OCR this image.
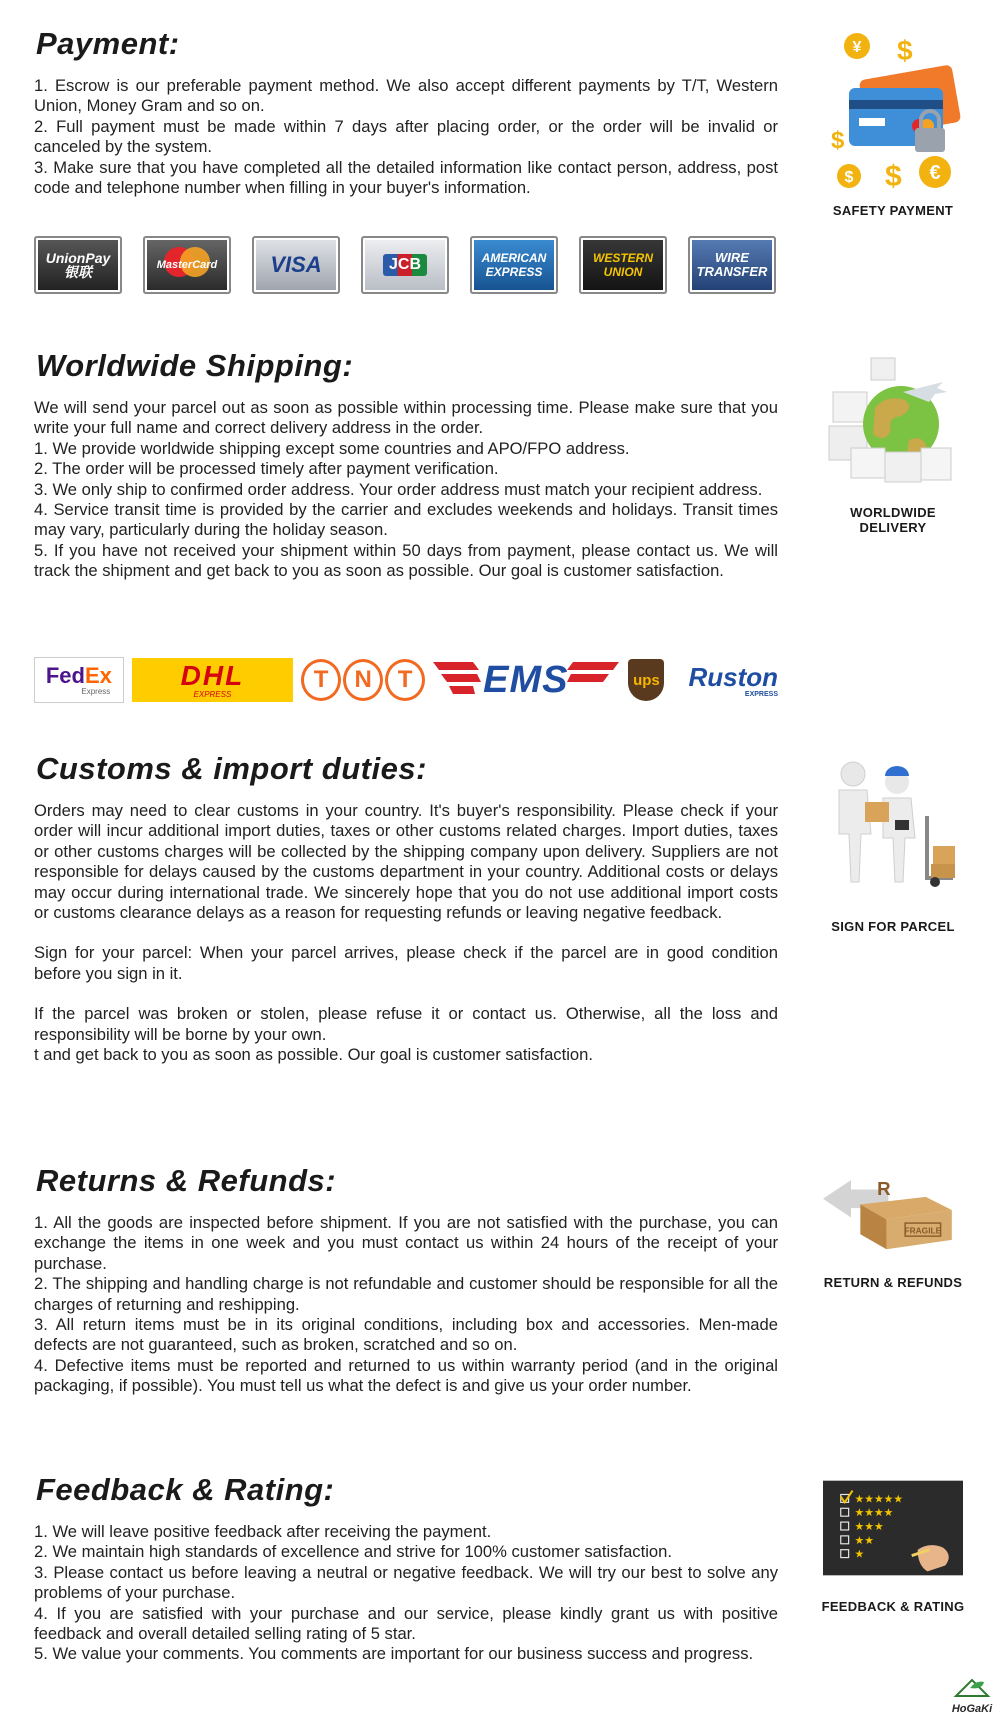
Payment:

1. Escrow is our preferable payment method. We also accept different payments by T/T, Western Union, Money Gram and so on.

2. Full payment must be made within 7 days after placing order, or the order will be invalid or canceled by the system.

3. Make sure that you have completed all the detailed information like contact person, address, post code and telephone number when filling in your buyer's information.

UnionPay
银联	MasterCard VISA	JCB	AMERICAN
EXPRESS
WESTERN
UNION
WIRE
TRANSFER
¥ $
$
$ $ €
SAFETY PAYMENT
Worldwide Shipping:

We will send your parcel out as soon as possible within processing time. Please make sure that you write your full name and correct delivery address in the order.

1. We provide worldwide shipping except some countries and APO/FPO address.

2. The order will be processed timely after payment verification.

3. We only ship to confirmed order address. Your order address must match your recipient address.

4. Service transit time is provided by the carrier and excludes weekends and holidays. Transit times may vary, particularly during the holiday season.

5. If you have not received your shipment within 50 days from payment, please contact us. We will track the shipment and get back to you as soon as possible. Our goal is customer satisfaction.

FedEx
Express
DHL
EXPRESS
T	N	T	EMS	ups Ruston
EXPRESS
WORLDWIDE DELIVERY
Customs & import duties:

Orders may need to clear customs in your country. It's buyer's responsibility. Please check if your order will incur additional import duties, taxes or other customs related charges. Import duties, taxes or other customs charges will be collected by the shipping company upon delivery. Suppliers are not responsible for delays caused by the customs department in your country. Additional costs or delays may occur during international trade. We sincerely hope that you do not use additional import costs or customs clearance delays as a reason for requesting refunds or leaving negative feedback.

Sign for your parcel: When your parcel arrives, please check if the parcel are in good condition before you sign in it.

If the parcel was broken or stolen, please refuse it or contact us. Otherwise, all the loss and responsibility will be borne by your own.

t and get back to you as soon as possible. Our goal is customer satisfaction.

SIGN FOR PARCEL
Returns & Refunds:

1. All the goods are inspected before shipment. If you are not satisfied with the purchase, you can exchange the items in one week and you must contact us within 24 hours of the receipt of your purchase.

2. The shipping and handling charge is not refundable and customer should be responsible for all the charges of returning and reshipping.

3. All return items must be in its original conditions, including box and accessories. Men-made defects are not guaranteed, such as broken, scratched and so on.

4. Defective items must be reported and returned to us within warranty period (and in the original packaging, if possible). You must tell us what the defect is and give us your order number.

FRAGILE
R
RETURN & REFUNDS
Feedback & Rating:

1. We will leave positive feedback after receiving the payment.

2. We maintain high standards of excellence and strive for 100% customer satisfaction.

3. Please contact us before leaving a neutral or negative feedback. We will try our best to solve any problems of your purchase.

4. If you are satisfied with your purchase and our service, please kindly grant us with positive feedback and overall detailed selling rating of 5 star.

5. We value your comments. You comments are important for our business success and progress.

★★★★★
★★★★
★★★
★★
★
FEEDBACK & RATING
HoGaKi
